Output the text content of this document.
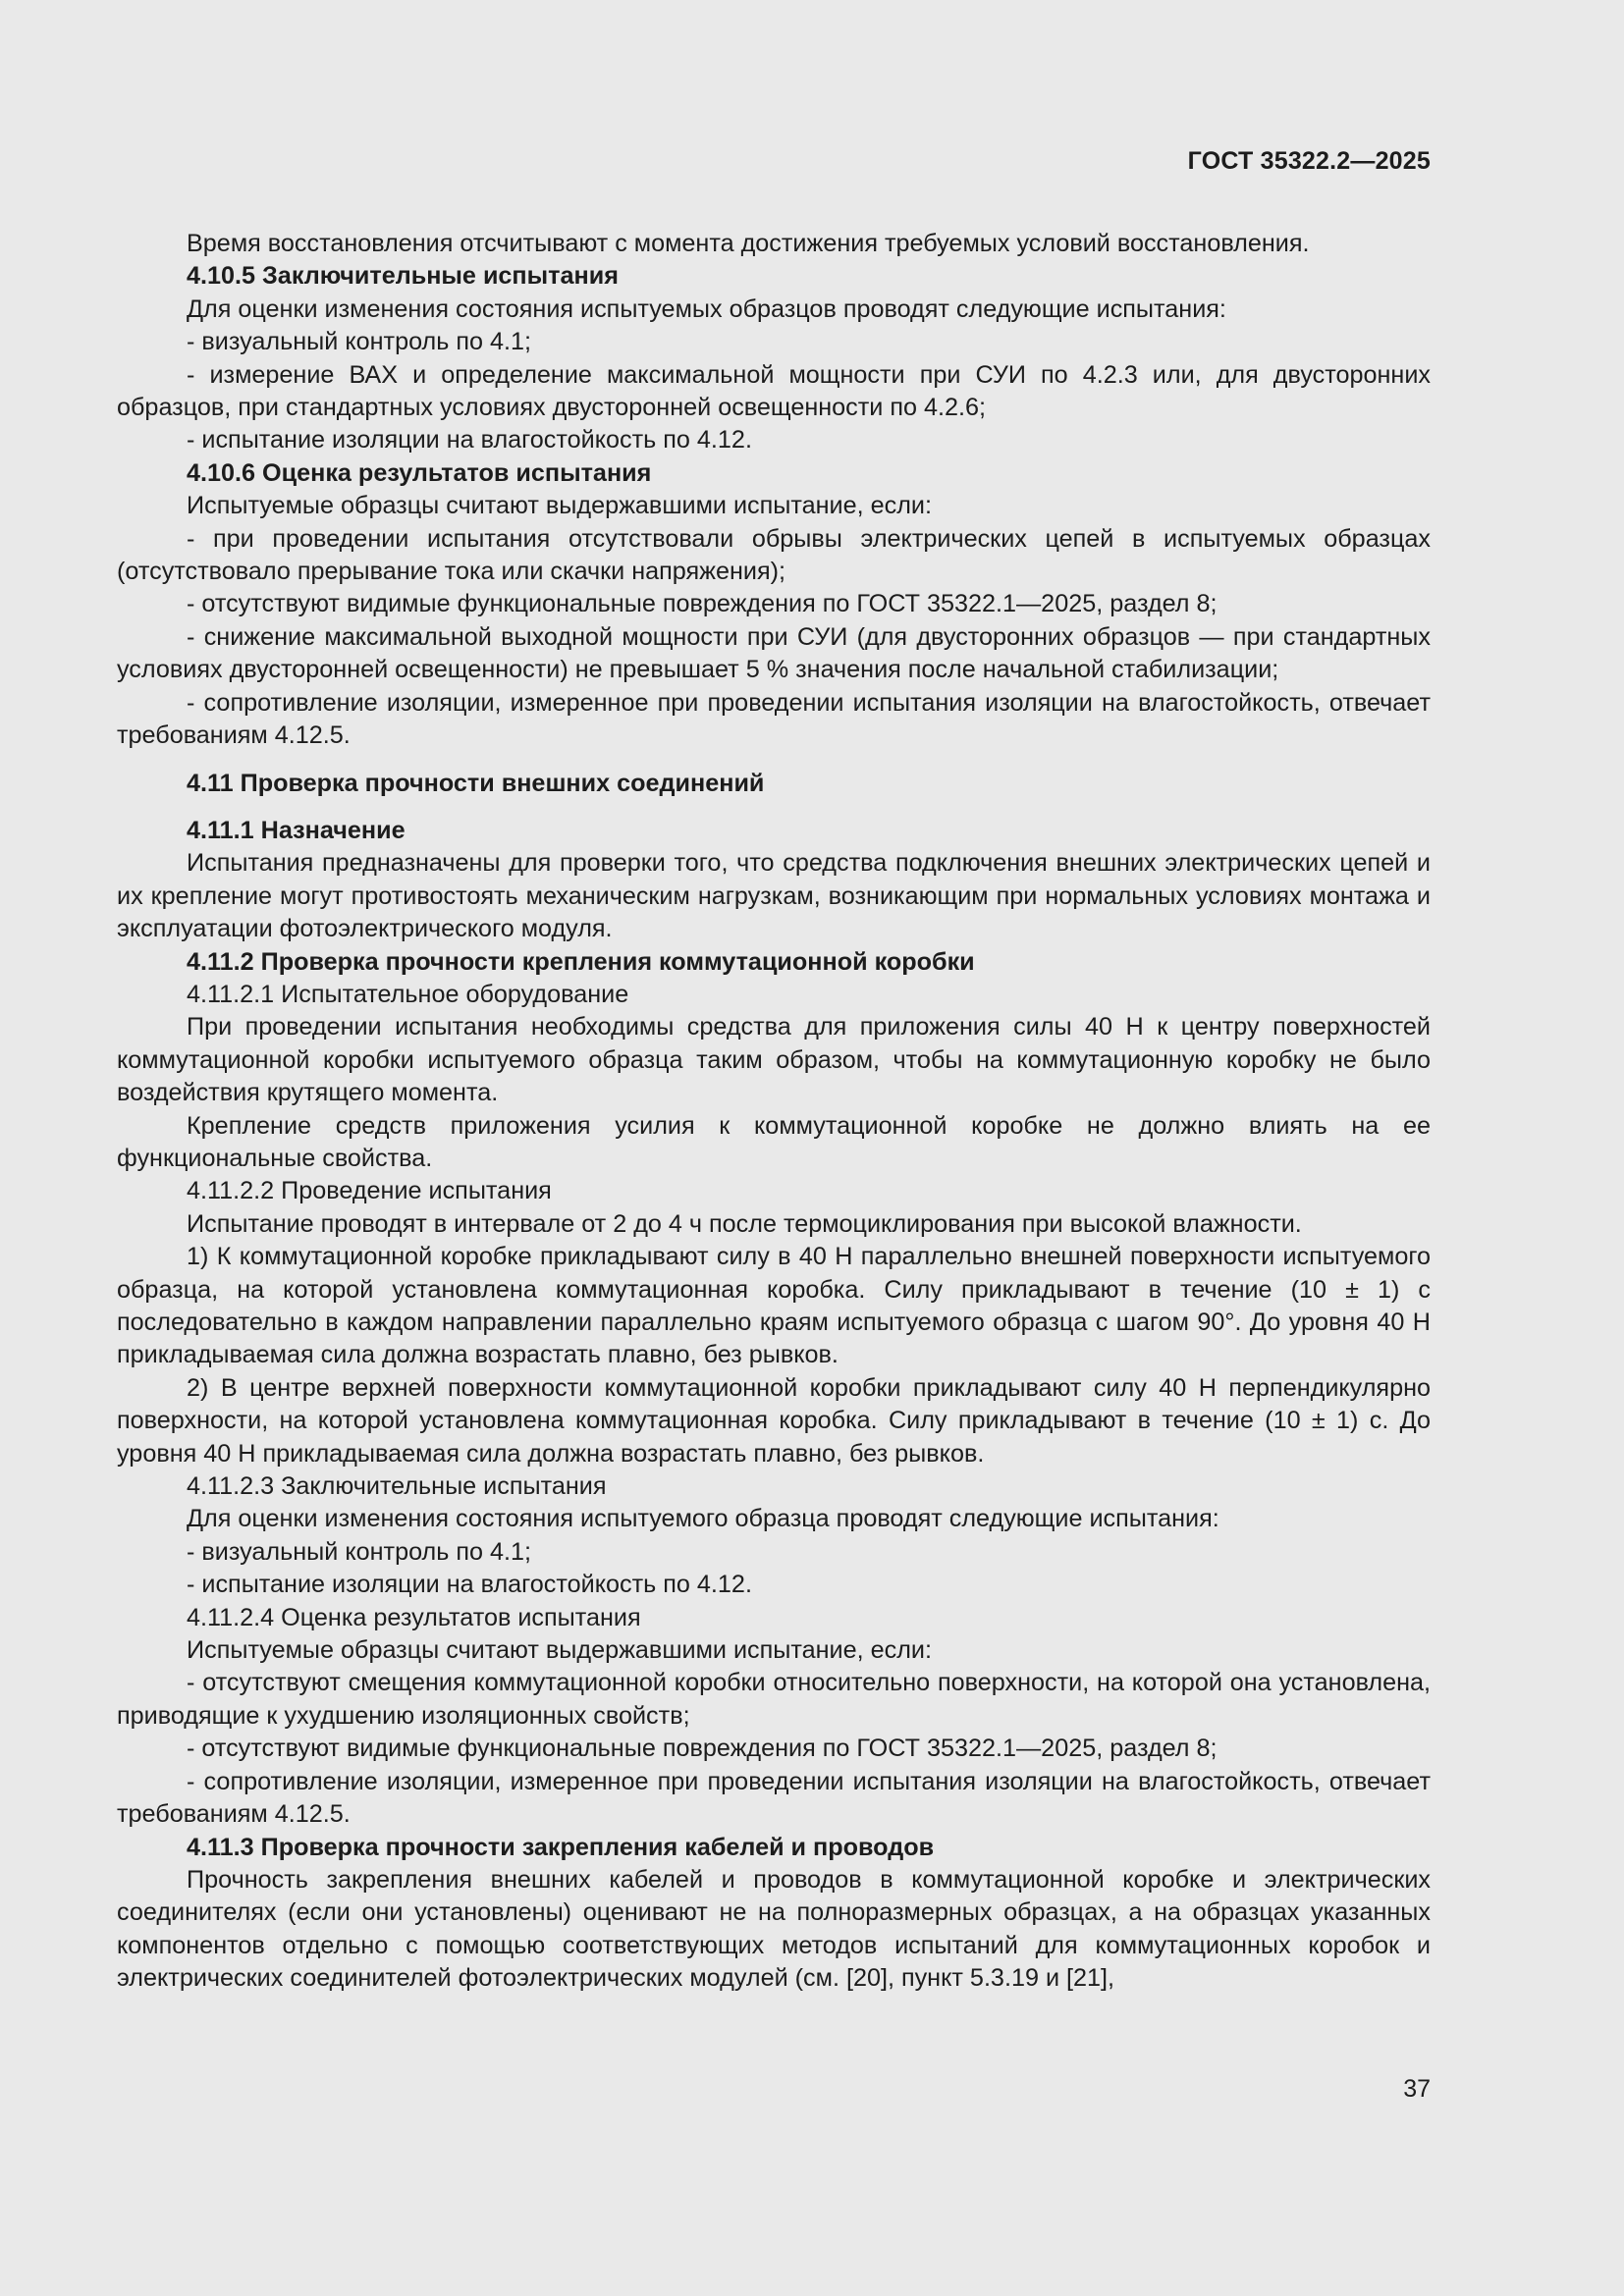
ГОСТ 35322.2—2025

Время восстановления отсчитывают с момента достижения требуемых условий восстановления.

4.10.5 Заключительные испытания

Для оценки изменения состояния испытуемых образцов проводят следующие испытания:

- визуальный контроль по 4.1;

- измерение ВАХ и определение максимальной мощности при СУИ по 4.2.3 или, для двусторонних образцов, при стандартных условиях двусторонней освещенности по 4.2.6;

- испытание изоляции на влагостойкость по 4.12.

4.10.6 Оценка результатов испытания

Испытуемые образцы считают выдержавшими испытание, если:

- при проведении испытания отсутствовали обрывы электрических цепей в испытуемых образцах (отсутствовало прерывание тока или скачки напряжения);

- отсутствуют видимые функциональные повреждения по ГОСТ 35322.1—2025, раздел 8;

- снижение максимальной выходной мощности при СУИ (для двусторонних образцов — при стандартных условиях двусторонней освещенности) не превышает 5 % значения после начальной стабилизации;

- сопротивление изоляции, измеренное при проведении испытания изоляции на влагостойкость, отвечает требованиям 4.12.5.

4.11 Проверка прочности внешних соединений

4.11.1 Назначение

Испытания предназначены для проверки того, что средства подключения внешних электрических цепей и их крепление могут противостоять механическим нагрузкам, возникающим при нормальных условиях монтажа и эксплуатации фотоэлектрического модуля.

4.11.2 Проверка прочности крепления коммутационной коробки

4.11.2.1 Испытательное оборудование

При проведении испытания необходимы средства для приложения силы 40 Н к центру поверхностей коммутационной коробки испытуемого образца таким образом, чтобы на коммутационную коробку не было воздействия крутящего момента.

Крепление средств приложения усилия к коммутационной коробке не должно влиять на ее функциональные свойства.

4.11.2.2 Проведение испытания

Испытание проводят в интервале от 2 до 4 ч после термоциклирования при высокой влажности.

1) К коммутационной коробке прикладывают силу в 40 Н параллельно внешней поверхности испытуемого образца, на которой установлена коммутационная коробка. Силу прикладывают в течение (10 ± 1) с последовательно в каждом направлении параллельно краям испытуемого образца с шагом 90°. До уровня 40 Н прикладываемая сила должна возрастать плавно, без рывков.

2) В центре верхней поверхности коммутационной коробки прикладывают силу 40 Н перпендикулярно поверхности, на которой установлена коммутационная коробка. Силу прикладывают в течение (10 ± 1) с. До уровня 40 Н прикладываемая сила должна возрастать плавно, без рывков.

4.11.2.3 Заключительные испытания

Для оценки изменения состояния испытуемого образца проводят следующие испытания:

- визуальный контроль по 4.1;

- испытание изоляции на влагостойкость по 4.12.

4.11.2.4 Оценка результатов испытания

Испытуемые образцы считают выдержавшими испытание, если:

- отсутствуют смещения коммутационной коробки относительно поверхности, на которой она установлена, приводящие к ухудшению изоляционных свойств;

- отсутствуют видимые функциональные повреждения по ГОСТ 35322.1—2025, раздел 8;

- сопротивление изоляции, измеренное при проведении испытания изоляции на влагостойкость, отвечает требованиям 4.12.5.

4.11.3 Проверка прочности закрепления кабелей и проводов

Прочность закрепления внешних кабелей и проводов в коммутационной коробке и электрических соединителях (если они установлены) оценивают не на полноразмерных образцах, а на образцах указанных компонентов отдельно с помощью соответствующих методов испытаний для коммутационных коробок и электрических соединителей фотоэлектрических модулей (см. [20], пункт 5.3.19 и [21],

37
